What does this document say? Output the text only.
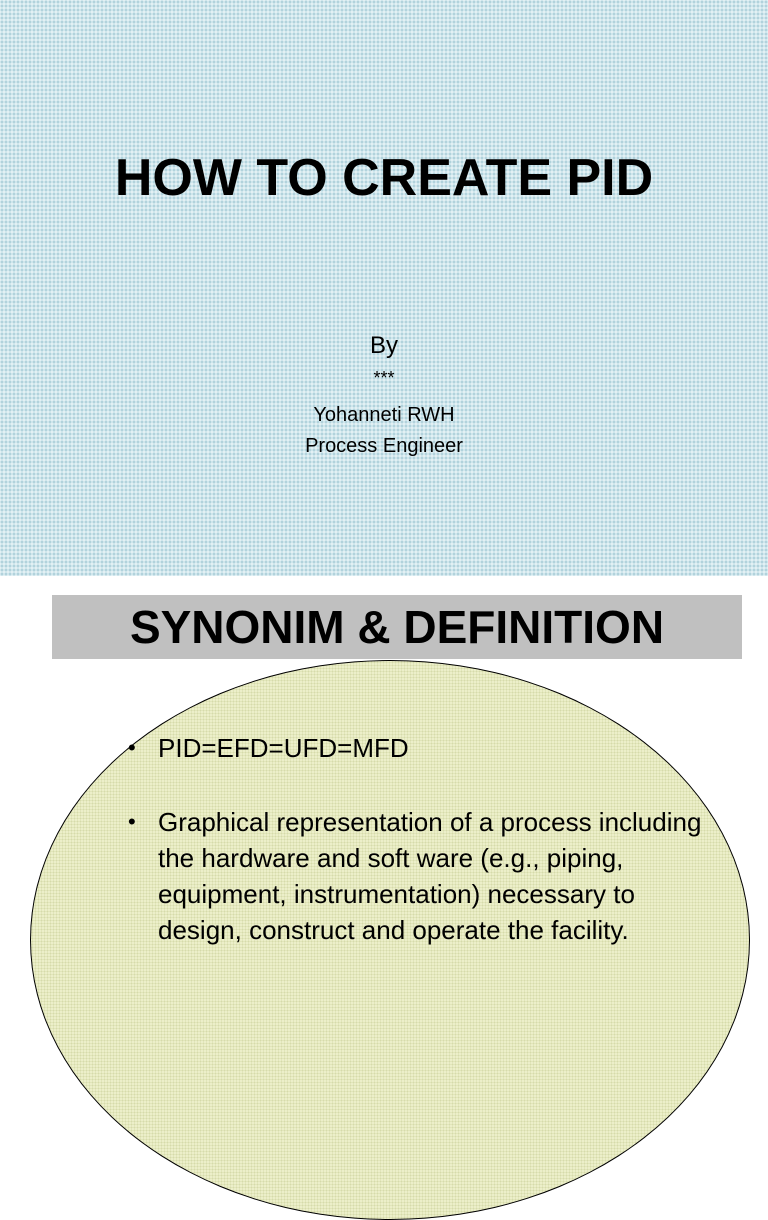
HOW TO CREATE PID
By
***
Yohanneti RWH
Process Engineer
SYNONIM & DEFINITION
• PID=EFD=UFD=MFD
• Graphical representation of a process including the hardware and soft ware (e.g., piping, equipment, instrumentation) necessary to design, construct and operate the facility.
